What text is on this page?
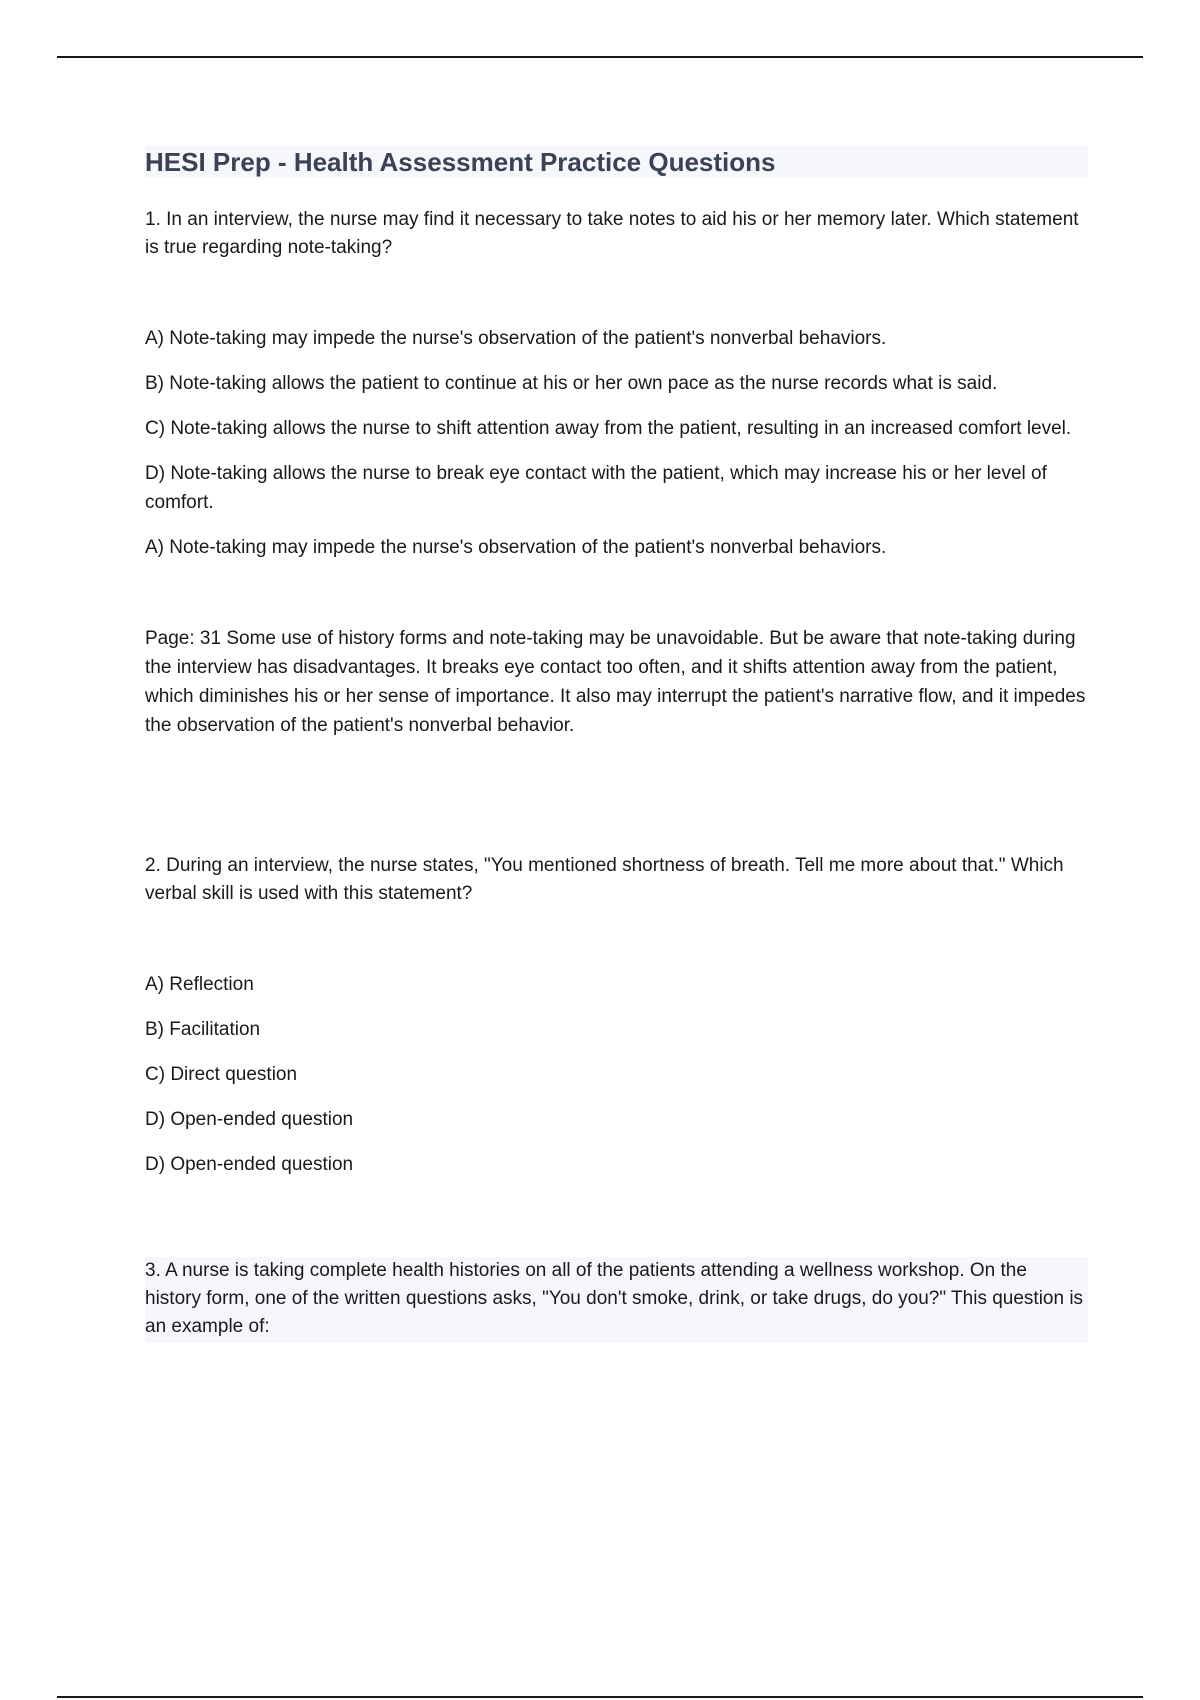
HESI Prep - Health Assessment Practice Questions

1. In an interview, the nurse may find it necessary to take notes to aid his or her memory later. Which statement is true regarding note-taking?

A) Note-taking may impede the nurse's observation of the patient's nonverbal behaviors.

B) Note-taking allows the patient to continue at his or her own pace as the nurse records what is said.

C) Note-taking allows the nurse to shift attention away from the patient, resulting in an increased comfort level.

D) Note-taking allows the nurse to break eye contact with the patient, which may increase his or her level of comfort.

A) Note-taking may impede the nurse's observation of the patient's nonverbal behaviors.

Page: 31 Some use of history forms and note-taking may be unavoidable. But be aware that note-taking during the interview has disadvantages. It breaks eye contact too often, and it shifts attention away from the patient, which diminishes his or her sense of importance. It also may interrupt the patient's narrative flow, and it impedes the observation of the patient's nonverbal behavior.

2. During an interview, the nurse states, "You mentioned shortness of breath. Tell me more about that." Which verbal skill is used with this statement?

A) Reflection

B) Facilitation

C) Direct question

D) Open-ended question

D) Open-ended question

3. A nurse is taking complete health histories on all of the patients attending a wellness workshop. On the history form, one of the written questions asks, "You don't smoke, drink, or take drugs, do you?" This question is an example of:
